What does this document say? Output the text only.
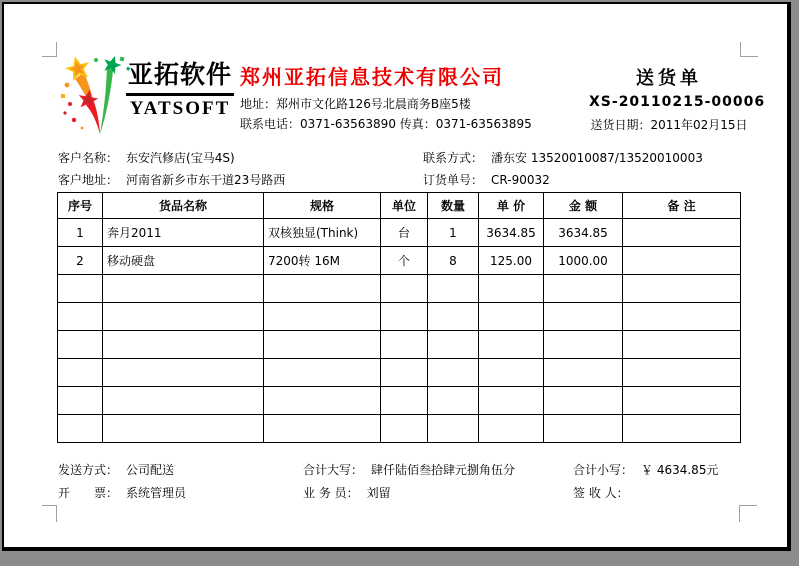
亚拓软件
YATSOFT
郑州亚拓信息技术有限公司
地址：郑州市文化路126号北晨商务B座5楼
联系电话：0371-63563890 传真：0371-63563895
送货单
XS-20110215-00006
送货日期：2011年02月15日
客户名称： 东安汽修店(宝马4S)	联系方式： 潘东安 13520010087/13520010003
客户地址： 河南省新乡市东干道23号路西	订货单号： CR-90032
序号	货品名称	规格	单位	数量	单 价	金 额	备 注
1	奔月2011	双核独显(Think)	台	1	3634.85	3634.85	
2	移动硬盘	7200转 16M	个	8	125.00	1000.00	

发送方式： 公司配送	合计大写： 肆仟陆佰叁拾肆元捌角伍分	合计小写： ￥ 4634.85元
开　　票： 系统管理员	业 务 员： 刘留	签 收 人：
